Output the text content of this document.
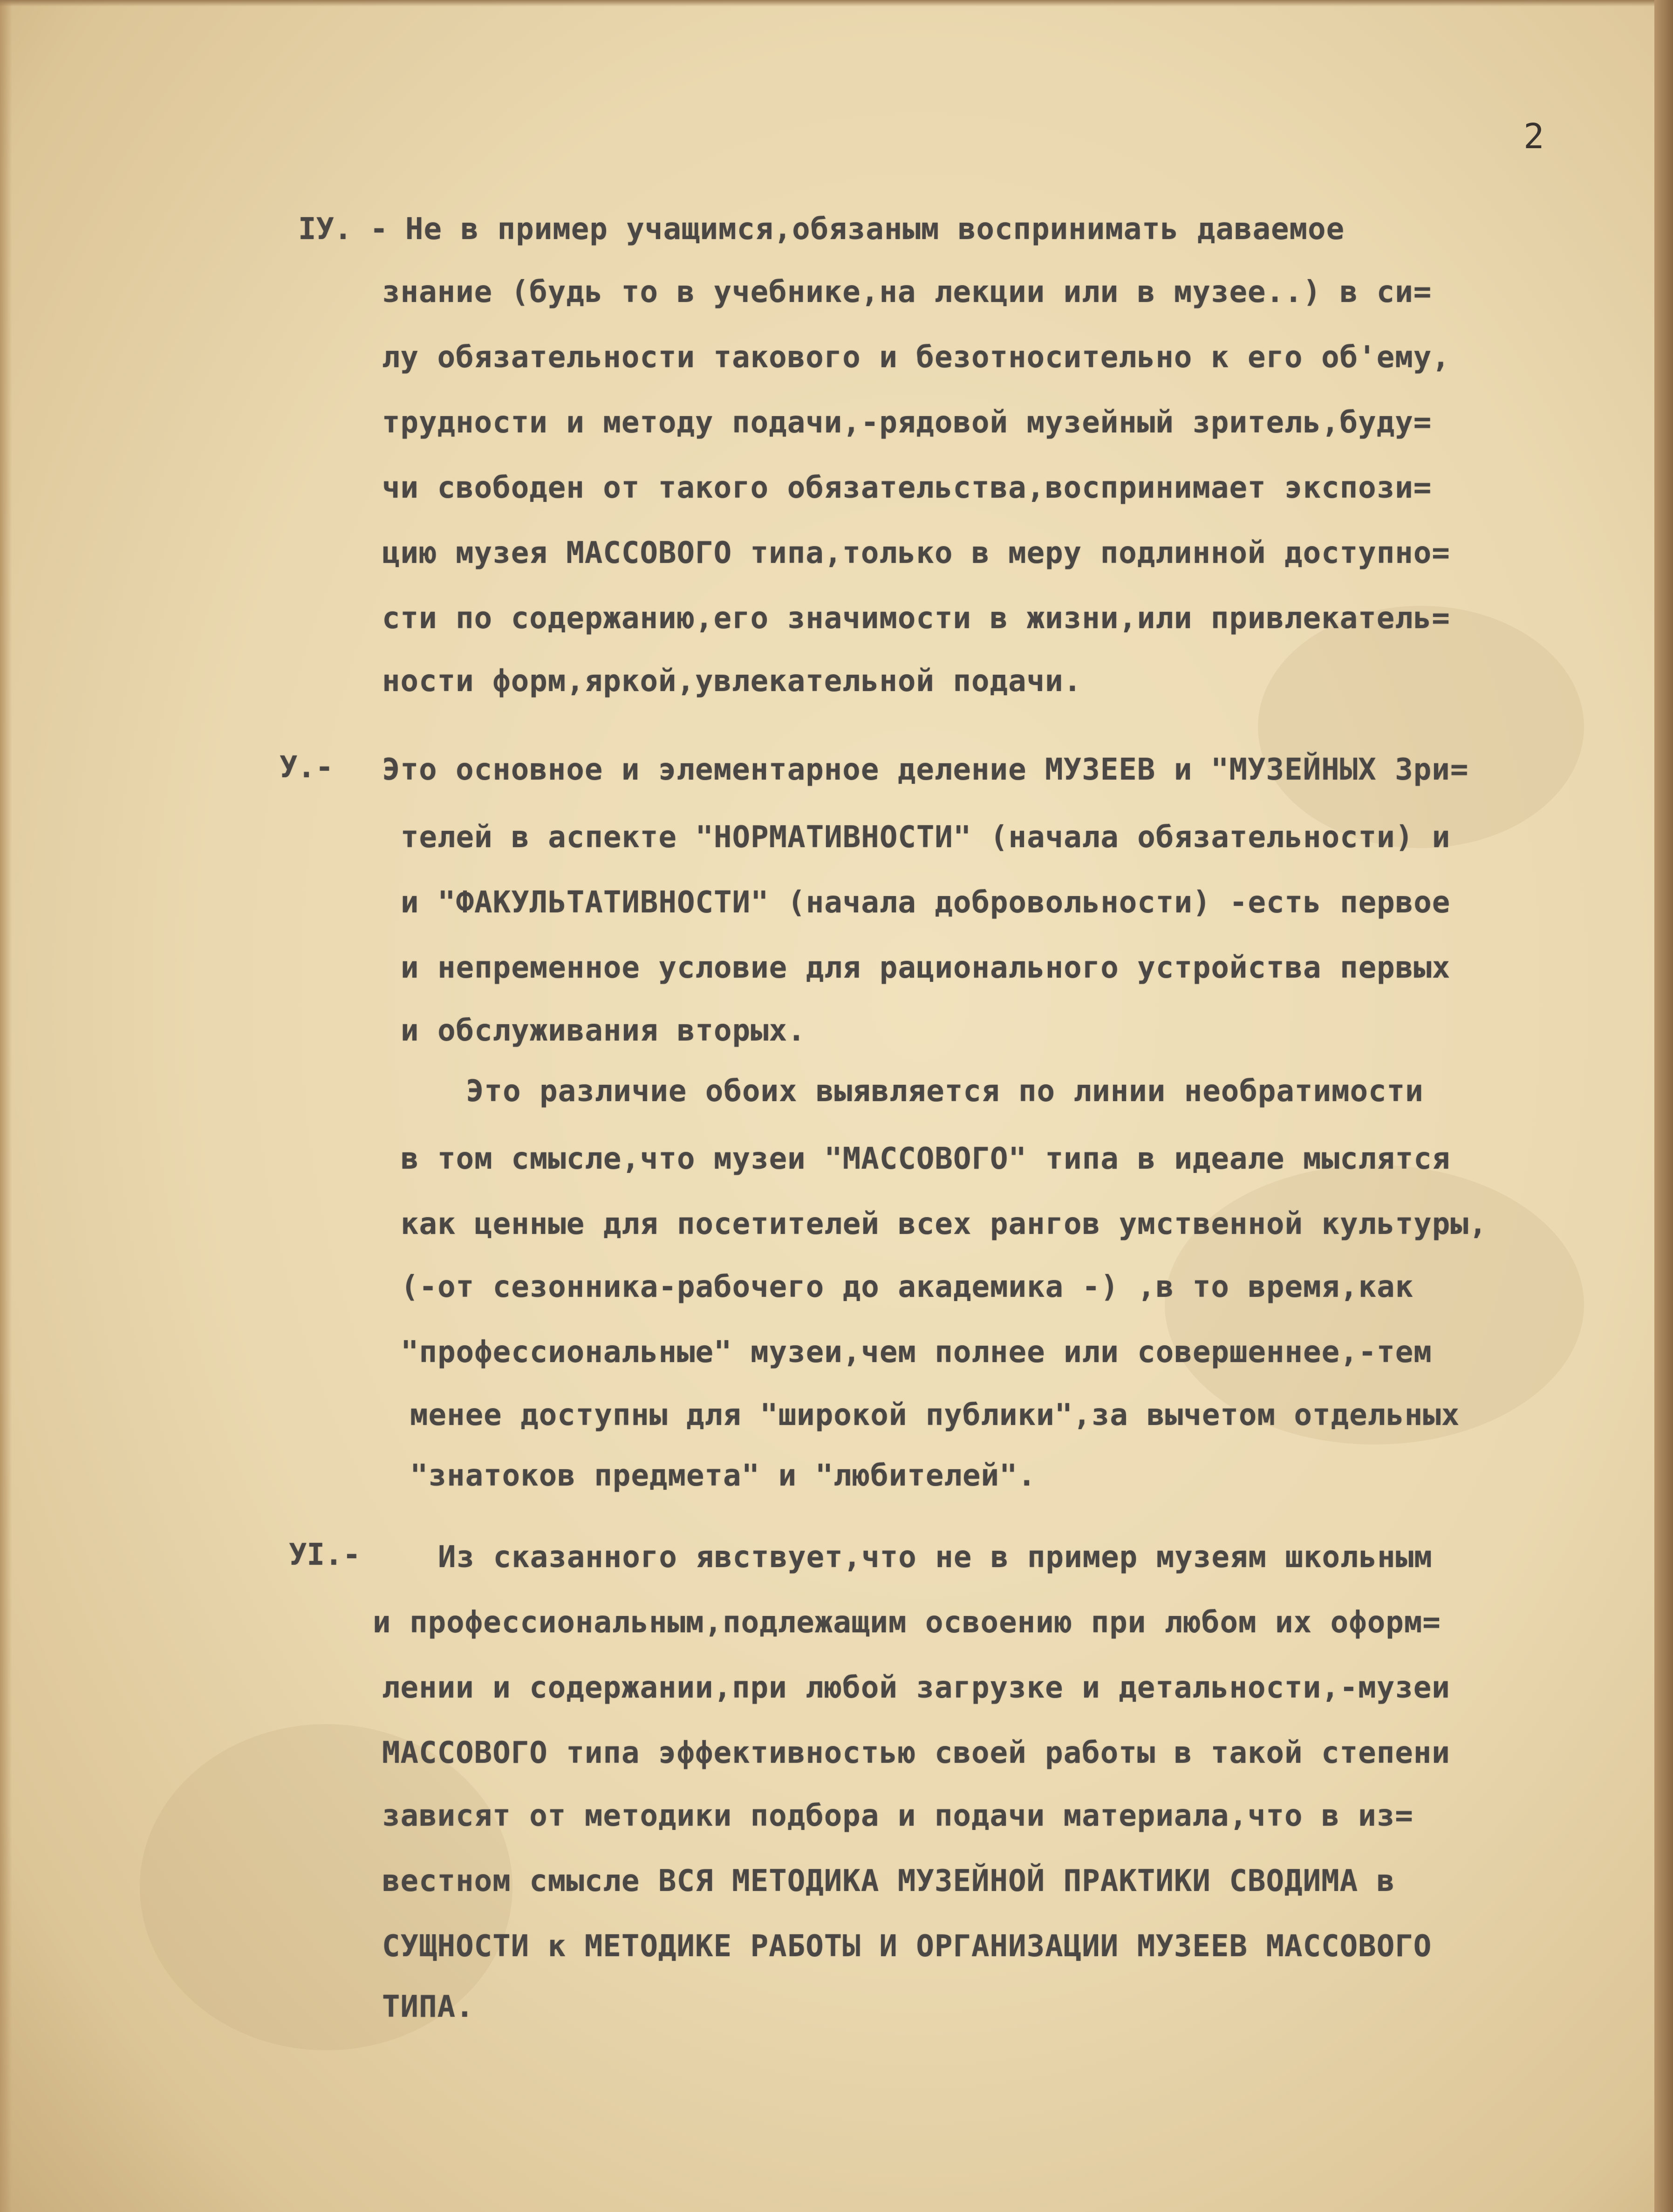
2
IУ. - Не в пример учащимся,обязаным воспринимать даваемое
знание (будь то в учебнике,на лекции или в музее..) в си=
лу обязательности такового и безотносительно к его об'ему,
трудности и методу подачи,-рядовой музейный зритель,буду=
чи свободен от такого обязательства,воспринимает экспози=
цию музея МАССОВОГО типа,только в меру подлинной доступно=
сти по содержанию,его значимости в жизни,или привлекатель=
ности форм,яркой,увлекательной подачи.
У.- Это основное и элементарное деление МУЗЕЕВ и "МУЗЕЙНЫХ Зри=
телей в аспекте "НОРМАТИВНОСТИ" (начала обязательности) и
и "ФАКУЛЬТАТИВНОСТИ" (начала добровольности) -есть первое
и непременное условие для рационального устройства первых
и обслуживания вторых.
Это различие обоих выявляется по линии необратимости
в том смысле,что музеи "МАССОВОГО" типа в идеале мыслятся
как ценные для посетителей всех рангов умственной культуры,
(-от сезонника-рабочего до академика -) ,в то время,как
"профессиональные" музеи,чем полнее или совершеннее,-тем
менее доступны для "широкой публики",за вычетом отдельных
"знатоков предмета" и "любителей".
УI.-	Из сказанного явствует,что не в пример музеям школьным
и профессиональным,подлежащим освоению при любом их оформ=
лении и содержании,при любой загрузке и детальности,-музеи
МАССОВОГО типа эффективностью своей работы в такой степени
зависят от методики подбора и подачи материала,что в из=
вестном смысле ВСЯ МЕТОДИКА МУЗЕЙНОЙ ПРАКТИКИ СВОДИМА в
СУЩНОСТИ к МЕТОДИКЕ РАБОТЫ И ОРГАНИЗАЦИИ МУЗЕЕВ МАССОВОГО
ТИПА.
